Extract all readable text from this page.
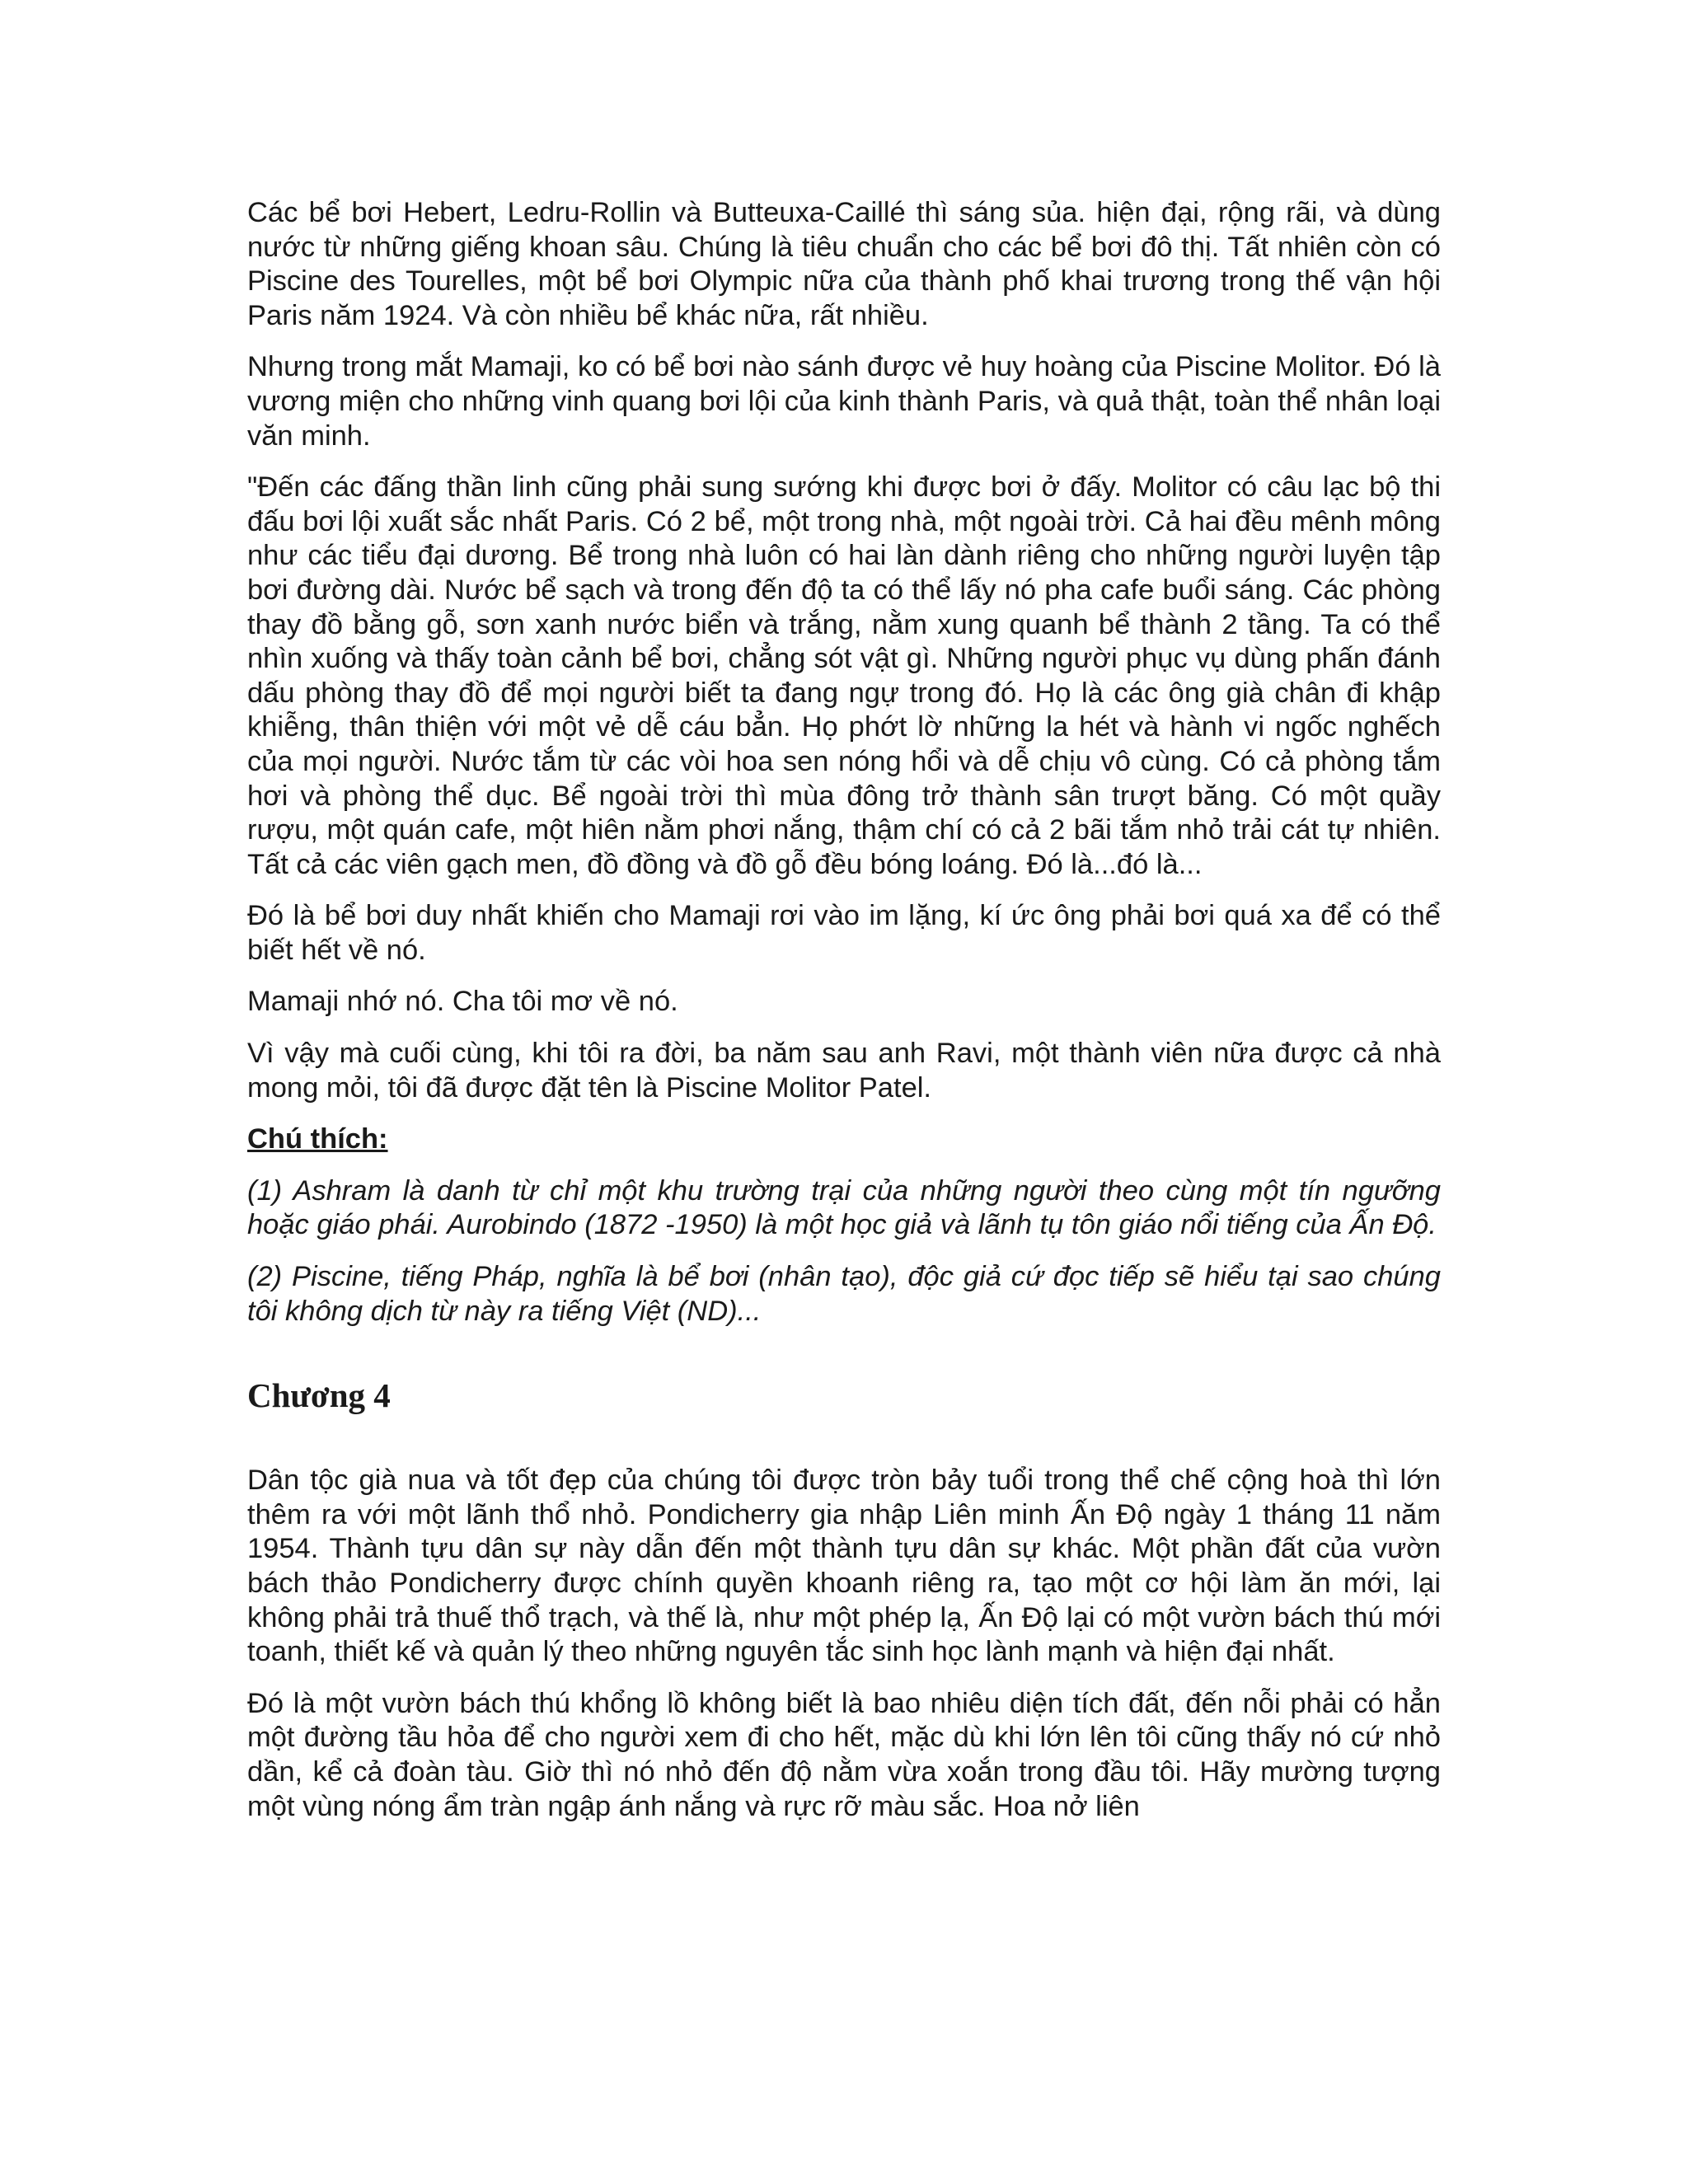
Các bể bơi Hebert, Ledru-Rollin và Butteuxa-Caillé thì sáng sủa. hiện đại, rộng rãi, và dùng nước từ những giếng khoan sâu. Chúng là tiêu chuẩn cho các bể bơi đô thị. Tất nhiên còn có Piscine des Tourelles, một bể bơi Olympic nữa của thành phố khai trương trong thế vận hội Paris năm 1924. Và còn nhiều bể khác nữa, rất nhiều.

Nhưng trong mắt Mamaji, ko có bể bơi nào sánh được vẻ huy hoàng của Piscine Molitor. Đó là vương miện cho những vinh quang bơi lội của kinh thành Paris, và quả thật, toàn thể nhân loại văn minh.

"Đến các đấng thần linh cũng phải sung sướng khi được bơi ở đấy. Molitor có câu lạc bộ thi đấu bơi lội xuất sắc nhất Paris. Có 2 bể, một trong nhà, một ngoài trời. Cả hai đều mênh mông như các tiểu đại dương. Bể trong nhà luôn có hai làn dành riêng cho những người luyện tập bơi đường dài. Nước bể sạch và trong đến độ ta có thể lấy nó pha cafe buổi sáng. Các phòng thay đồ bằng gỗ, sơn xanh nước biển và trắng, nằm xung quanh bể thành 2 tầng. Ta có thể nhìn xuống và thấy toàn cảnh bể bơi, chẳng sót vật gì. Những người phục vụ dùng phấn đánh dấu phòng thay đồ để mọi người biết ta đang ngự trong đó. Họ là các ông già chân đi khập khiễng, thân thiện với một vẻ dễ cáu bẳn. Họ phớt lờ những la hét và hành vi ngốc nghếch của mọi người. Nước tắm từ các vòi hoa sen nóng hổi và dễ chịu vô cùng. Có cả phòng tắm hơi và phòng thể dục. Bể ngoài trời thì mùa đông trở thành sân trượt băng. Có một quầy rượu, một quán cafe, một hiên nằm phơi nắng, thậm chí có cả 2 bãi tắm nhỏ trải cát tự nhiên. Tất cả các viên gạch men, đồ đồng và đồ gỗ đều bóng loáng. Đó là...đó là...

Đó là bể bơi duy nhất khiến cho Mamaji rơi vào im lặng, kí ức ông phải bơi quá xa để có thể biết hết về nó.

Mamaji nhớ nó. Cha tôi mơ về nó.

Vì vậy mà cuối cùng, khi tôi ra đời, ba năm sau anh Ravi, một thành viên nữa được cả nhà mong mỏi, tôi đã được đặt tên là Piscine Molitor Patel.

Chú thích:

(1) Ashram là danh từ chỉ một khu trường trại của những người theo cùng một tín ngưỡng hoặc giáo phái. Aurobindo (1872 -1950) là một học giả và lãnh tụ tôn giáo nổi tiếng của Ấn Độ.

(2) Piscine, tiếng Pháp, nghĩa là bể bơi (nhân tạo), độc giả cứ đọc tiếp sẽ hiểu tại sao chúng tôi không dịch từ này ra tiếng Việt (ND)...

Chương 4

Dân tộc già nua và tốt đẹp của chúng tôi được tròn bảy tuổi trong thể chế cộng hoà thì lớn thêm ra với một lãnh thổ nhỏ. Pondicherry gia nhập Liên minh Ấn Độ ngày 1 tháng 11 năm 1954. Thành tựu dân sự này dẫn đến một thành tựu dân sự khác. Một phần đất của vườn bách thảo Pondicherry được chính quyền khoanh riêng ra, tạo một cơ hội làm ăn mới, lại không phải trả thuế thổ trạch, và thế là, như một phép lạ, Ấn Độ lại có một vườn bách thú mới toanh, thiết kế và quản lý theo những nguyên tắc sinh học lành mạnh và hiện đại nhất.

Đó là một vườn bách thú khổng lồ không biết là bao nhiêu diện tích đất, đến nỗi phải có hẳn một đường tầu hỏa để cho người xem đi cho hết, mặc dù khi lớn lên tôi cũng thấy nó cứ nhỏ dần, kể cả đoàn tàu. Giờ thì nó nhỏ đến độ nằm vừa xoắn trong đầu tôi. Hãy mường tượng một vùng nóng ẩm tràn ngập ánh nắng và rực rỡ màu sắc. Hoa nở liên
